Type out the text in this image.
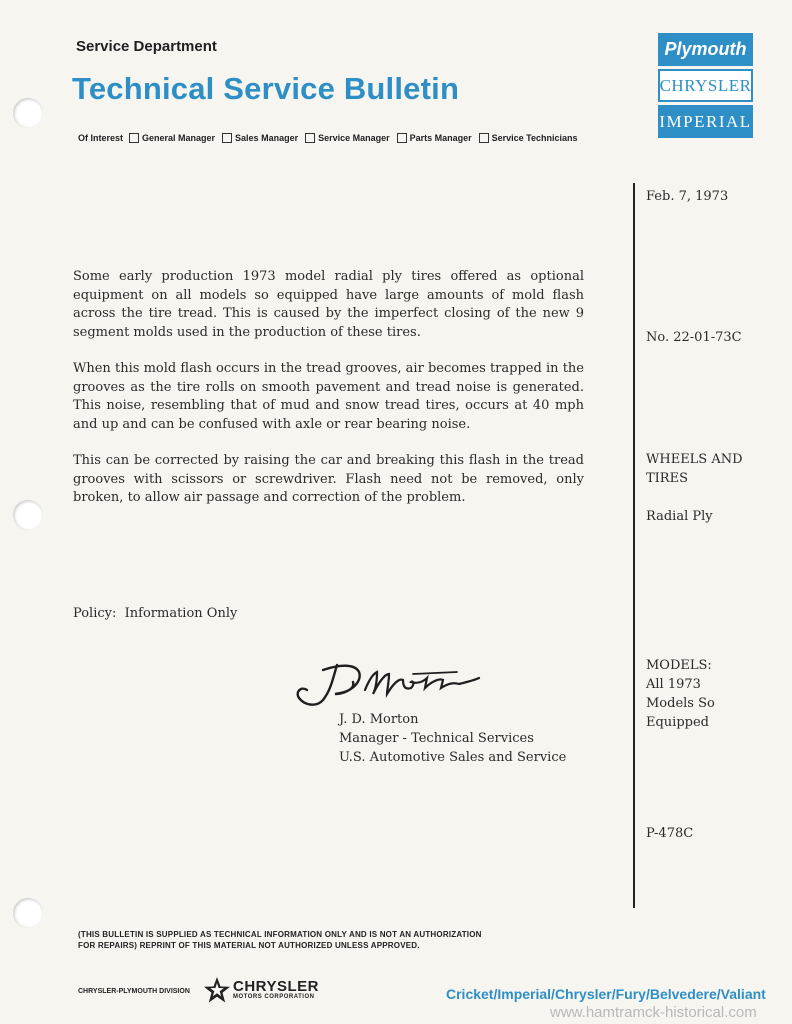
Service Department
Technical Service Bulletin
Of Interest General Manager Sales Manager Service Manager Parts Manager Service Technicians
Plymouth
CHRYSLER
IMPERIAL
Feb. 7, 1973
No. 22-01-73C
WHEELS AND
TIRES
Radial Ply
MODELS:
All 1973
Models So
Equipped
P-478C

Some early production 1973 model radial ply tires offered as optional equipment on all models so equipped have large amounts of mold flash across the tire tread. This is caused by the imperfect closing of the new 9 segment molds used in the production of these tires.

When this mold flash occurs in the tread grooves, air becomes trapped in the grooves as the tire rolls on smooth pavement and tread noise is generated. This noise, resembling that of mud and snow tread tires, occurs at 40 mph and up and can be confused with axle or rear bearing noise.

This can be corrected by raising the car and breaking this flash in the tread grooves with scissors or screwdriver. Flash need not be removed, only broken, to allow air passage and correction of the problem.

Policy:  Information Only
J. D. Morton
Manager - Technical Services
U.S. Automotive Sales and Service
(THIS BULLETIN IS SUPPLIED AS TECHNICAL INFORMATION ONLY AND IS NOT AN AUTHORIZATION
FOR REPAIRS) REPRINT OF THIS MATERIAL NOT AUTHORIZED UNLESS APPROVED.
CHRYSLER-PLYMOUTH DIVISION	CHRYSLER
MOTORS CORPORATION	Cricket/Imperial/Chrysler/Fury/Belvedere/Valiant
www.hamtramck-historical.com
